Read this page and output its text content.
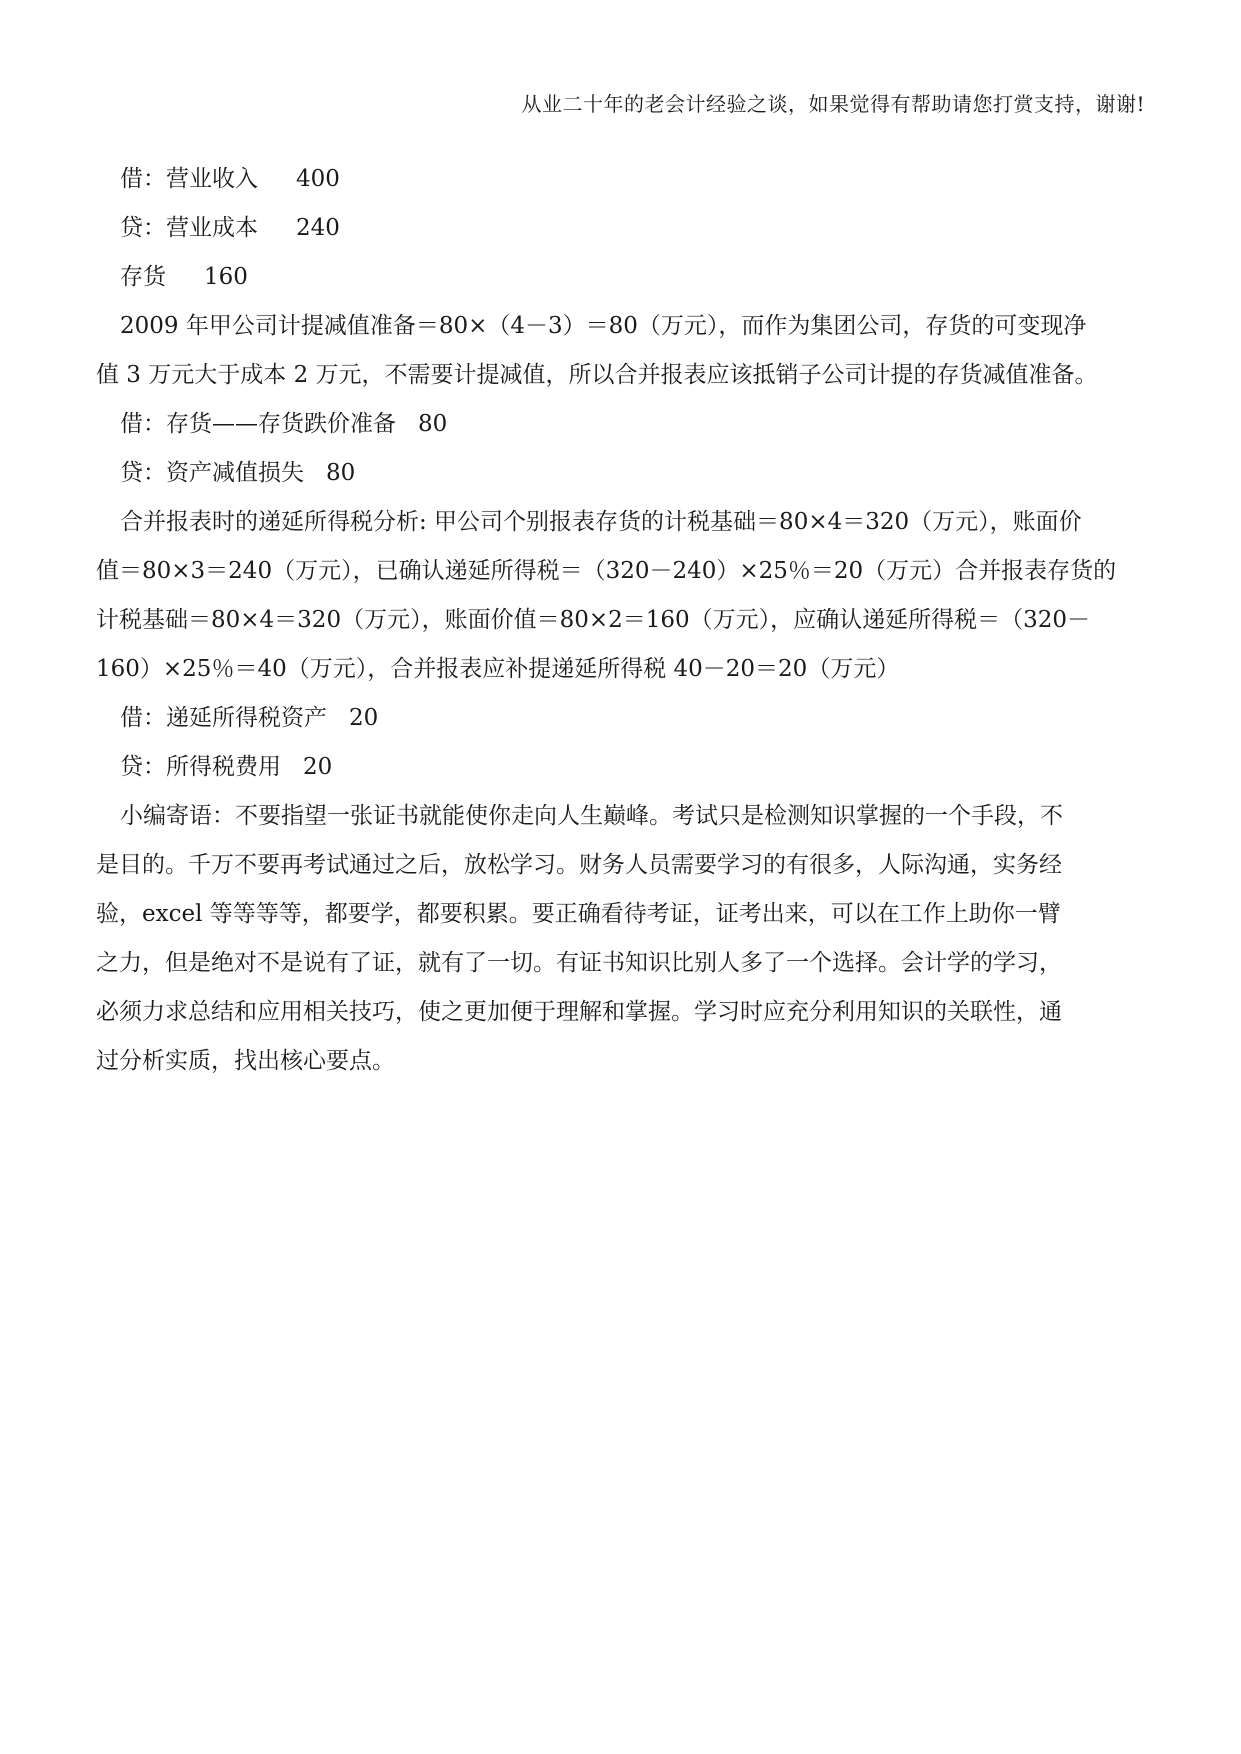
从业二十年的老会计经验之谈，如果觉得有帮助请您打赏支持，谢谢!
借：营业收入 400
贷：营业成本 240
存货 160
2009 年甲公司计提减值准备＝80×（4－3）＝80（万元），而作为集团公司，存货的可变现净
值 3 万元大于成本 2 万元，不需要计提减值，所以合并报表应该抵销子公司计提的存货减值准备。
借：存货——存货跌价准备 80
贷：资产减值损失 80
合并报表时的递延所得税分析: 甲公司个别报表存货的计税基础＝80×4＝320（万元），账面价
值＝80×3＝240（万元），已确认递延所得税＝（320－240）×25％＝20（万元）合并报表存货的
计税基础＝80×4＝320（万元），账面价值＝80×2＝160（万元），应确认递延所得税＝（320－
160）×25％＝40（万元），合并报表应补提递延所得税 40－20＝20（万元）
借：递延所得税资产 20
贷：所得税费用 20
小编寄语：不要指望一张证书就能使你走向人生巅峰。考试只是检测知识掌握的一个手段，不
是目的。千万不要再考试通过之后，放松学习。财务人员需要学习的有很多，人际沟通，实务经
验，excel 等等等等，都要学，都要积累。要正确看待考证，证考出来，可以在工作上助你一臂
之力，但是绝对不是说有了证，就有了一切。有证书知识比别人多了一个选择。会计学的学习，
必须力求总结和应用相关技巧，使之更加便于理解和掌握。学习时应充分利用知识的关联性，通
过分析实质，找出核心要点。
